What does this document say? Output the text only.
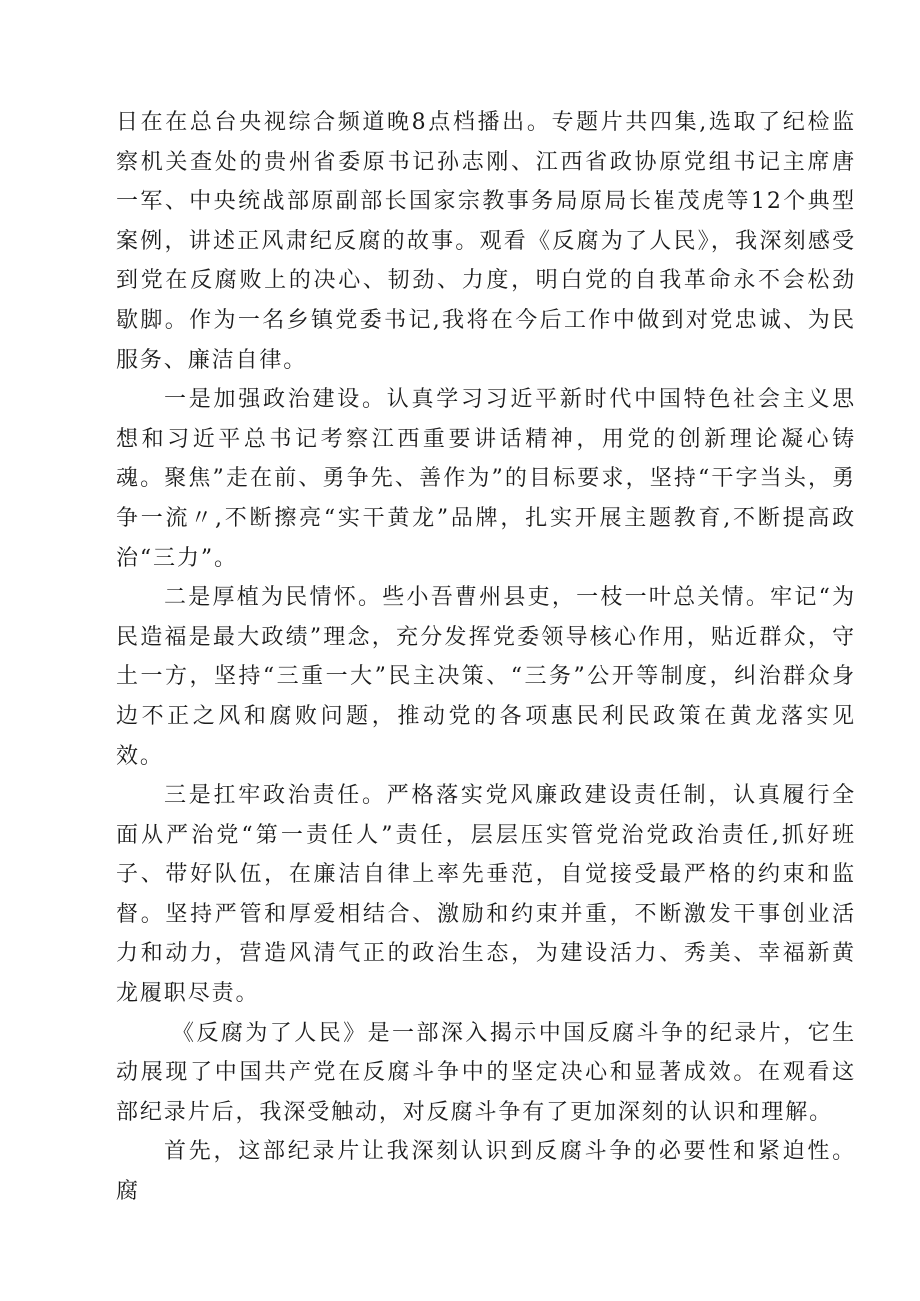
日在在总台央视综合频道晚8点档播出。专题片共四集,选取了纪检监察机关查处的贵州省委原书记孙志刚、江西省政协原党组书记主席唐一军、中央统战部原副部长国家宗教事务局原局长崔茂虎等12个典型案例，讲述正风肃纪反腐的故事。观看《反腐为了人民》，我深刻感受到党在反腐败上的决心、韧劲、力度，明白党的自我革命永不会松劲歇脚。作为一名乡镇党委书记,我将在今后工作中做到对党忠诚、为民服务、廉洁自律。

一是加强政治建设。认真学习习近平新时代中国特色社会主义思想和习近平总书记考察江西重要讲话精神，用党的创新理论凝心铸魂。聚焦”走在前、勇争先、善作为”的目标要求，坚持“干字当头，勇争一流〃,不断擦亮“实干黄龙”品牌，扎实开展主题教育,不断提高政治“三力”。

二是厚植为民情怀。些小吾曹州县吏，一枝一叶总关情。牢记“为民造福是最大政绩”理念，充分发挥党委领导核心作用，贴近群众，守土一方，坚持“三重一大”民主决策、“三务”公开等制度，纠治群众身边不正之风和腐败问题，推动党的各项惠民利民政策在黄龙落实见效。

三是扛牢政治责任。严格落实党风廉政建设责任制，认真履行全面从严治党“第一责任人”责任，层层压实管党治党政治责任,抓好班子、带好队伍，在廉洁自律上率先垂范，自觉接受最严格的约束和监督。坚持严管和厚爱相结合、激励和约束并重，不断激发干事创业活力和动力，营造风清气正的政治生态，为建设活力、秀美、幸福新黄龙履职尽责。

《反腐为了人民》是一部深入揭示中国反腐斗争的纪录片，它生动展现了中国共产党在反腐斗争中的坚定决心和显著成效。在观看这部纪录片后，我深受触动，对反腐斗争有了更加深刻的认识和理解。

首先，这部纪录片让我深刻认识到反腐斗争的必要性和紧迫性。腐
